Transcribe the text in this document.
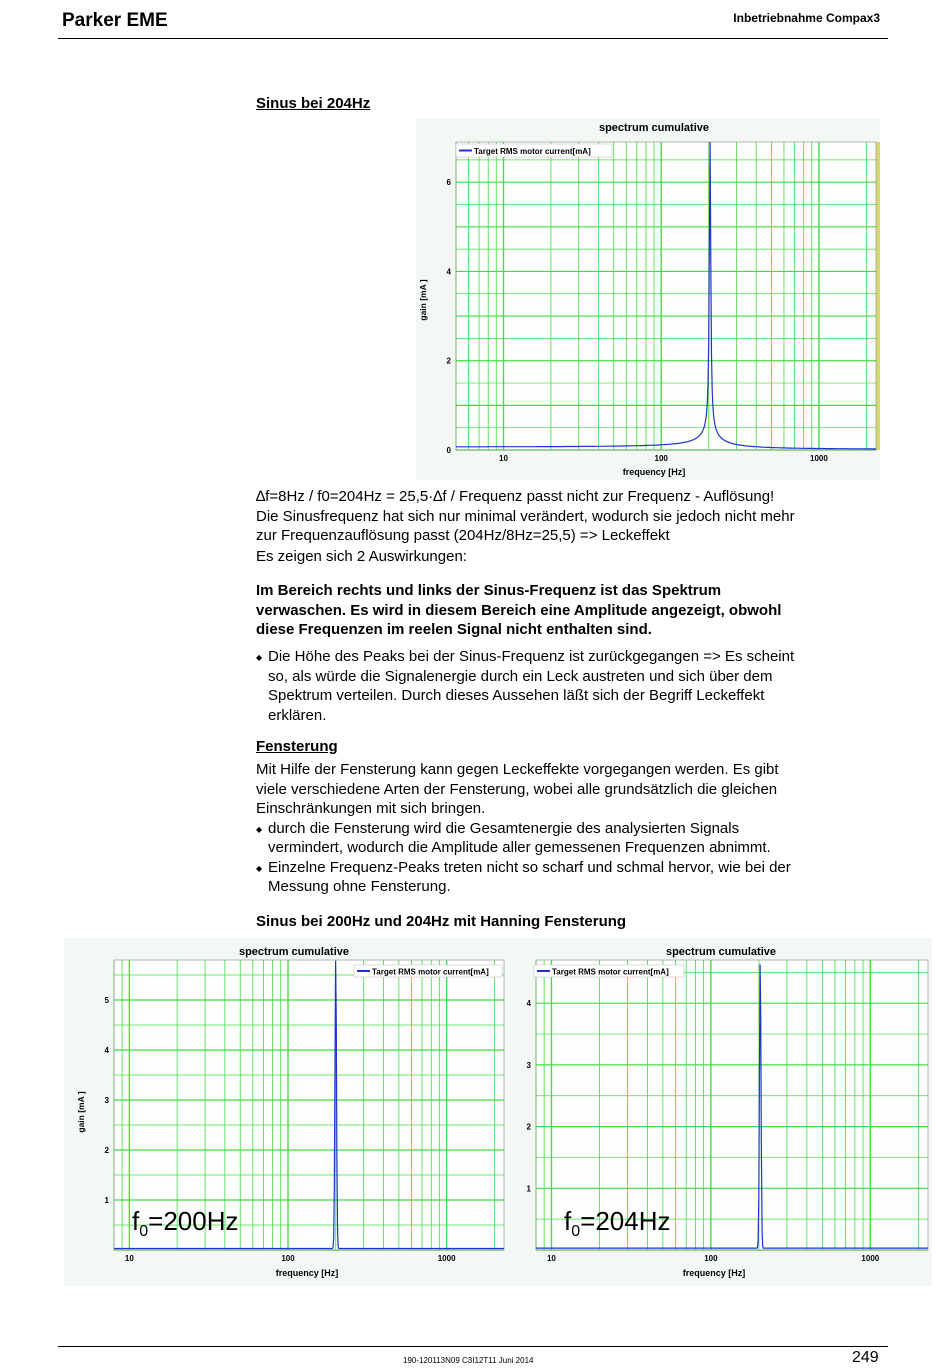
Parker EME	Inbetriebnahme Compax3
Sinus bei 204Hz
spectrum cumulative
10	100	1000
0
2
4
6
Target RMS motor current[mA]
gain [mA ]
frequency [Hz]
∆f=8Hz / f0=204Hz = 25,5·∆f / Frequenz passt nicht zur Frequenz - Auflösung!
Die Sinusfrequenz hat sich nur minimal verändert, wodurch sie jedoch nicht mehr
zur Frequenzauflösung passt (204Hz/8Hz=25,5) => Leckeffekt
Es zeigen sich 2 Auswirkungen:
Im Bereich rechts und links der Sinus-Frequenz ist das Spektrum
verwaschen. Es wird in diesem Bereich eine Amplitude angezeigt, obwohl
diese Frequenzen im reelen Signal nicht enthalten sind.
◆ Die Höhe des Peaks bei der Sinus-Frequenz ist zurückgegangen => Es scheint
so, als würde die Signalenergie durch ein Leck austreten und sich über dem
Spektrum verteilen. Durch dieses Aussehen läßt sich der Begriff Leckeffekt
erklären.
Fensterung
Mit Hilfe der Fensterung kann gegen Leckeffekte vorgegangen werden. Es gibt
viele verschiedene Arten der Fensterung, wobei alle grundsätzlich die gleichen
Einschränkungen mit sich bringen.
◆ durch die Fensterung wird die Gesamtenergie des analysierten Signals
vermindert, wodurch die Amplitude aller gemessenen Frequenzen abnimmt.
◆ Einzelne Frequenz-Peaks treten nicht so scharf und schmal hervor, wie bei der
Messung ohne Fensterung.
Sinus bei 200Hz und 204Hz mit Hanning Fensterung
spectrum cumulative
10	100	1000
1
2
3
4
5
Target RMS motor current[mA]
gain [mA ]
frequency [Hz]
$f_0=200Hz$
spectrum cumulative
10	100	1000
1
2
3
4
Target RMS motor current[mA]
frequency [Hz]
$f_0=204Hz$
190-120113N09 C3I12T11 Juni 2014	249
